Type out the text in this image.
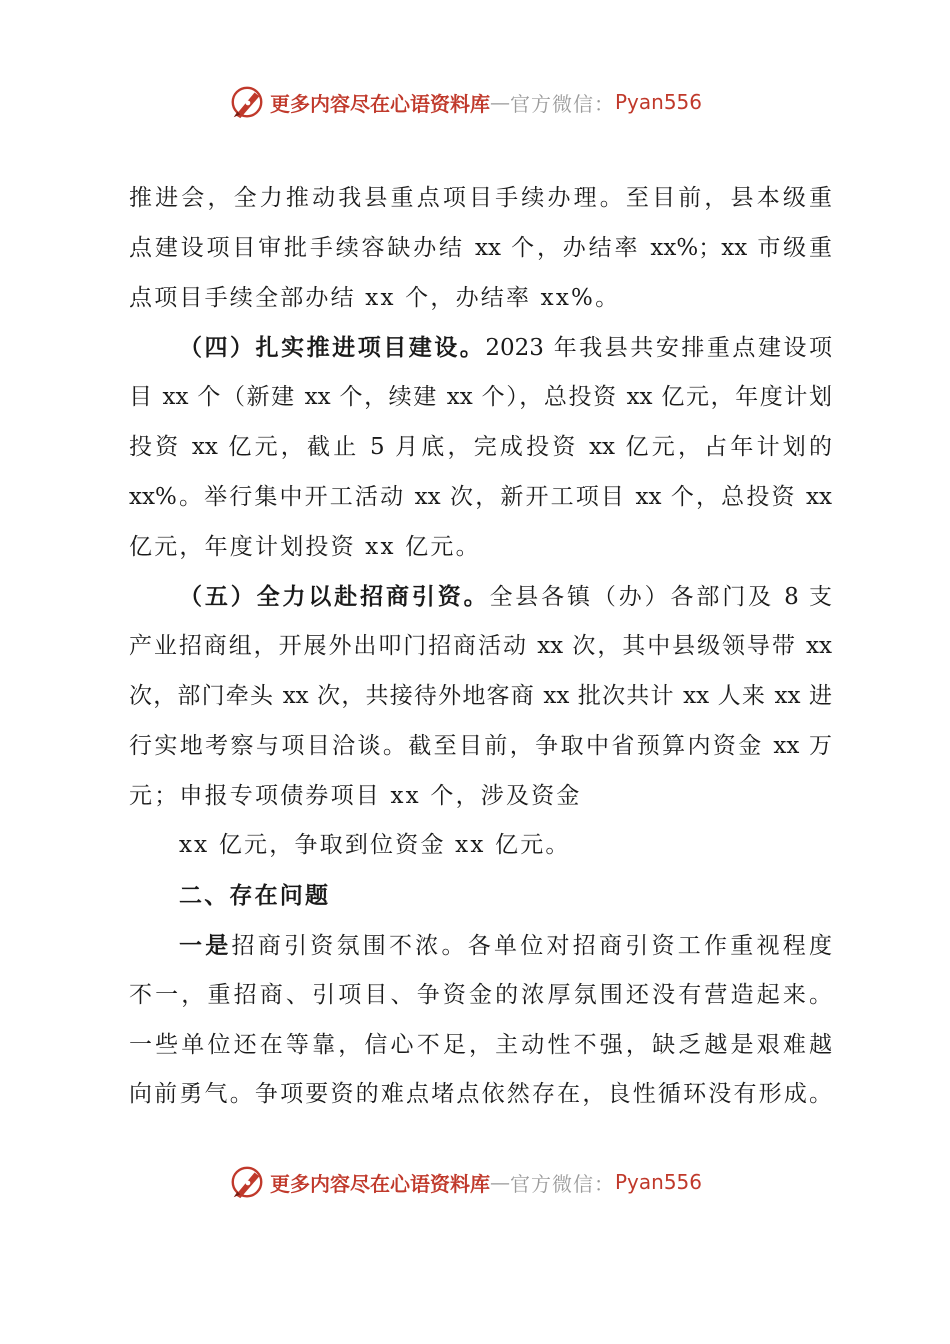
更多内容尽在心语资料库 — 官方微信： Pyan556
推进会，全力推动我县重点项目手续办理。至目前，县本级重
点建设项目审批手续容缺办结 xx 个，办结率 xx%；xx 市级重
点项目手续全部办结 xx 个，办结率 xx%。
（四）扎实推进项目建设。2023 年我县共安排重点建设项
目 xx 个（新建 xx 个，续建 xx 个），总投资 xx 亿元，年度计划
投资 xx 亿元，截止 5 月底，完成投资 xx 亿元，占年计划的
xx%。举行集中开工活动 xx 次，新开工项目 xx 个，总投资 xx
亿元，年度计划投资 xx 亿元。
（五）全力以赴招商引资。全县各镇（办）各部门及 8 支
产业招商组，开展外出叩门招商活动 xx 次，其中县级领导带 xx
次，部门牵头 xx 次，共接待外地客商 xx 批次共计 xx 人来 xx 进
行实地考察与项目洽谈。截至目前，争取中省预算内资金 xx 万
元；申报专项债券项目 xx 个，涉及资金
xx 亿元，争取到位资金 xx 亿元。
二、存在问题
一是招商引资氛围不浓。各单位对招商引资工作重视程度
不一，重招商、引项目、争资金的浓厚氛围还没有营造起来。
一些单位还在等靠，信心不足，主动性不强，缺乏越是艰难越
向前勇气。争项要资的难点堵点依然存在，良性循环没有形成。
更多内容尽在心语资料库 — 官方微信： Pyan556
